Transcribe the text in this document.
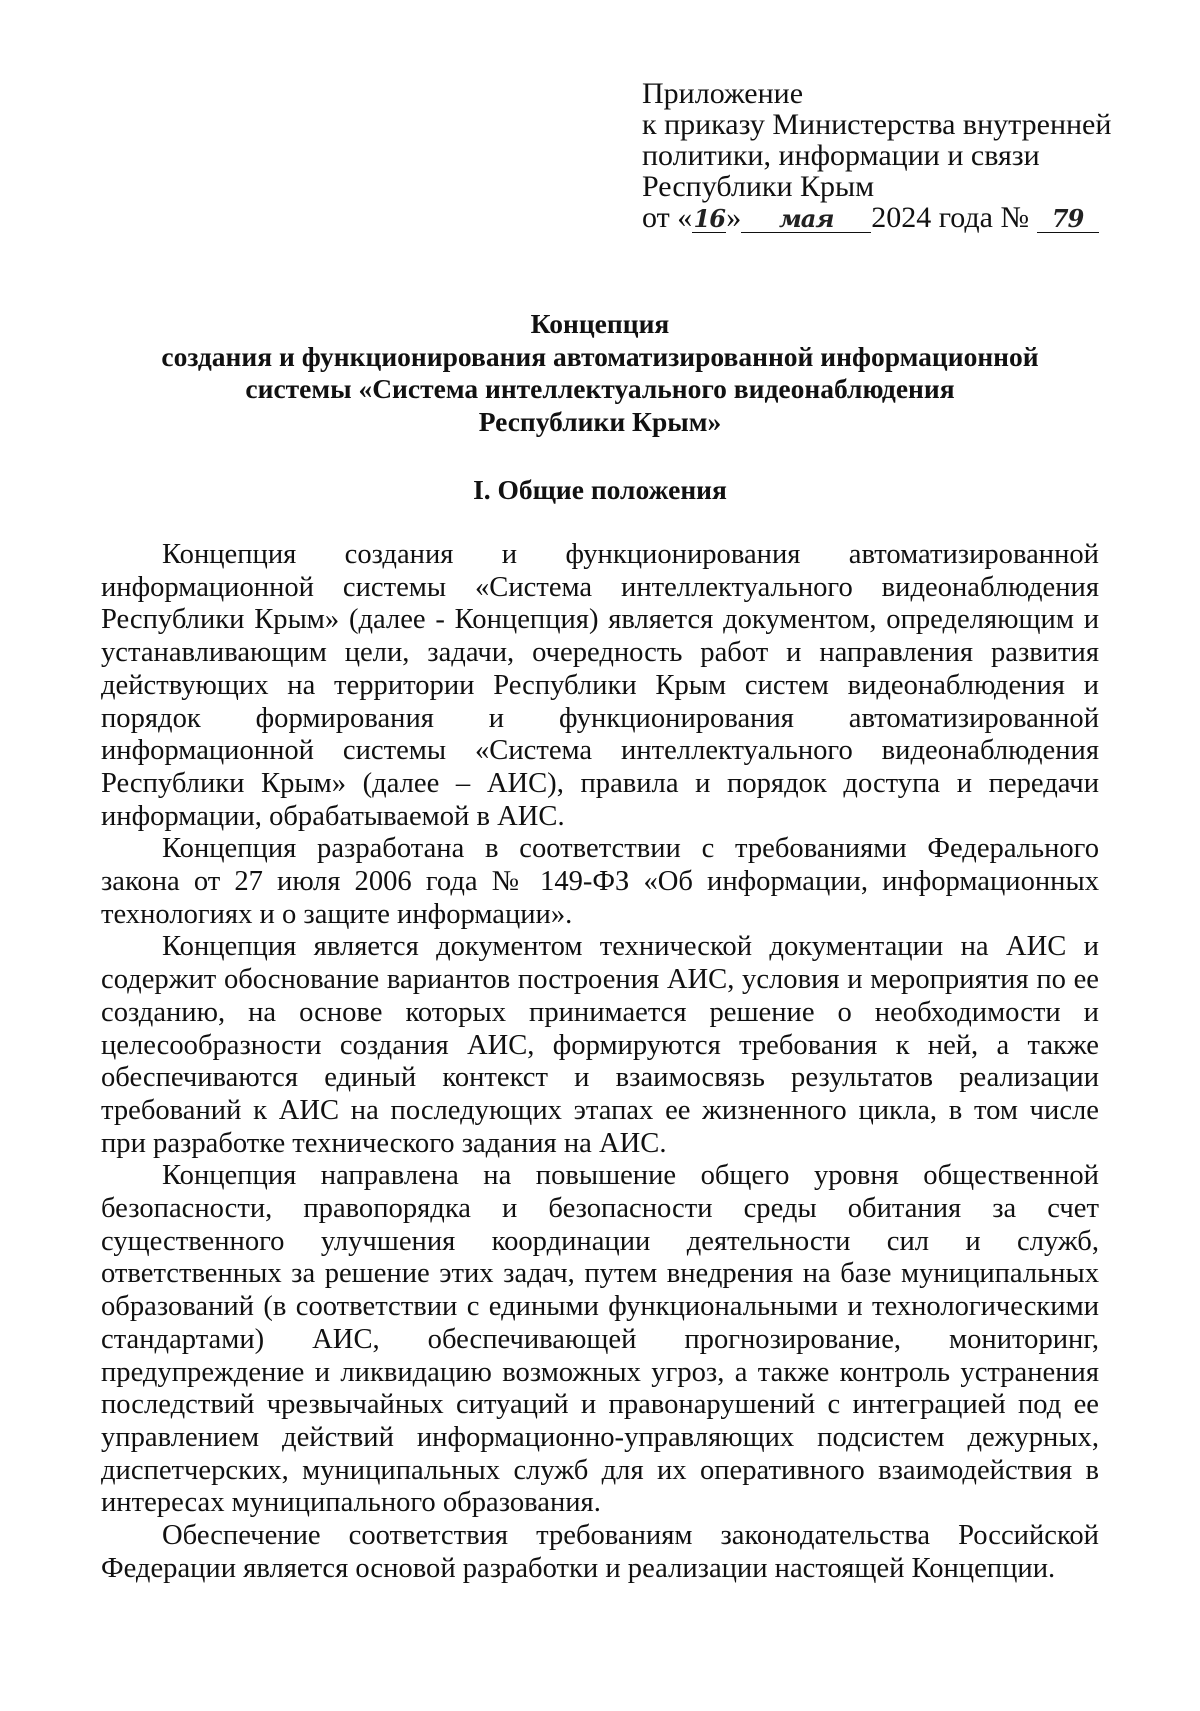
Приложение
к приказу Министерства внутренней
политики, информации и связи
Республики Крым
от «16» мая 2024 года № 79
Концепция
создания и функционирования автоматизированной информационной
системы «Система интеллектуального видеонаблюдения
Республики Крым»
I. Общие положения

Концепция создания и функционирования автоматизированной информационной системы «Система интеллектуального видеонаблюдения Республики Крым» (далее - Концепция) является документом, определяющим и устанавливающим цели, задачи, очередность работ и направления развития действующих на территории Республики Крым систем видеонаблюдения и порядок формирования и функционирования автоматизированной информационной системы «Система интеллектуального видеонаблюдения Республики Крым» (далее – АИС), правила и порядок доступа и передачи информации, обрабатываемой в АИС.

Концепция разработана в соответствии с требованиями Федерального закона от 27 июля 2006 года № 149-ФЗ «Об информации, информационных технологиях и о защите информации».

Концепция является документом технической документации на АИС и содержит обоснование вариантов построения АИС, условия и мероприятия по ее созданию, на основе которых принимается решение о необходимости и целесообразности создания АИС, формируются требования к ней, а также обеспечиваются единый контекст и взаимосвязь результатов реализации требований к АИС на последующих этапах ее жизненного цикла, в том числе при разработке технического задания на АИС.

Концепция направлена на повышение общего уровня общественной безопасности, правопорядка и безопасности среды обитания за счет существенного улучшения координации деятельности сил и служб, ответственных за решение этих задач, путем внедрения на базе муниципальных образований (в соответствии с едиными функциональными и технологическими стандартами) АИС, обеспечивающей прогнозирование, мониторинг, предупреждение и ликвидацию возможных угроз, а также контроль устранения последствий чрезвычайных ситуаций и правонарушений с интеграцией под ее управлением действий информационно-управляющих подсистем дежурных, диспетчерских, муниципальных служб для их оперативного взаимодействия в интересах муниципального образования.

Обеспечение соответствия требованиям законодательства Российской Федерации является основой разработки и реализации настоящей Концепции.
